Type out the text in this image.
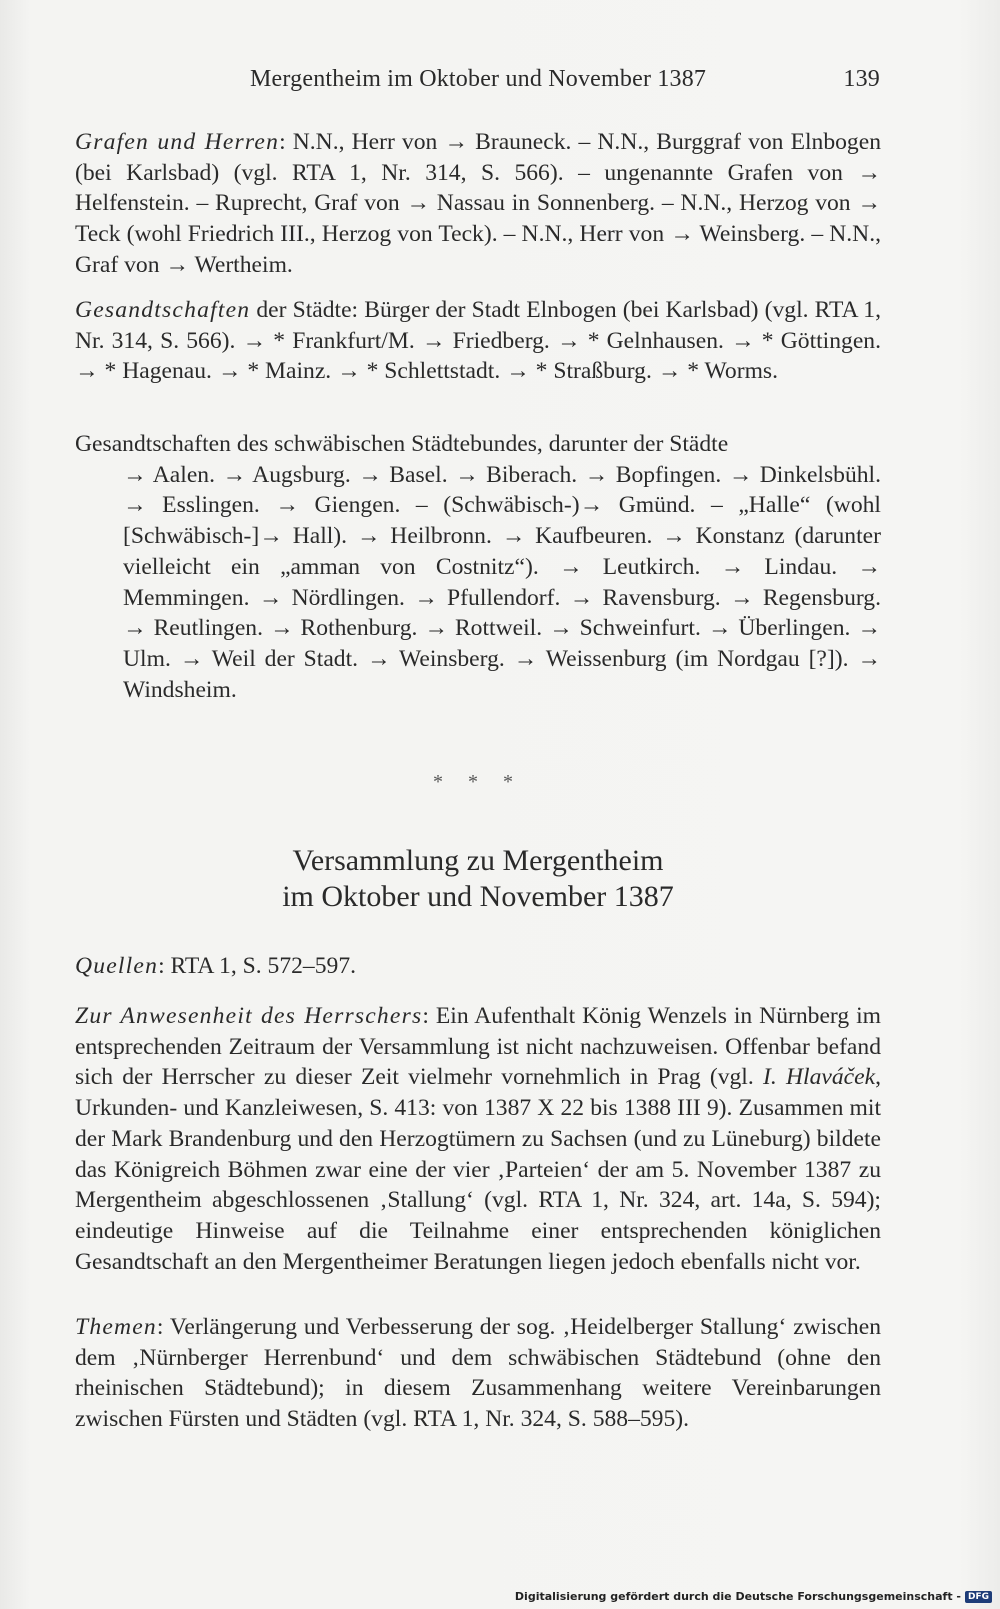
Mergentheim im Oktober und November 1387	139

Grafen und Herren: N.N., Herr von → Brauneck. – N.N., Burggraf von Elnbogen (bei Karlsbad) (vgl. RTA 1, Nr. 314, S. 566). – ungenannte Grafen von → Helfenstein. – Ruprecht, Graf von → Nassau in Sonnenberg. – N.N., Herzog von → Teck (wohl Friedrich III., Herzog von Teck). – N.N., Herr von → Weinsberg. – N.N., Graf von → Wertheim.

Gesandtschaften der Städte: Bürger der Stadt Elnbogen (bei Karlsbad) (vgl. RTA 1, Nr. 314, S. 566). → * Frankfurt/M. → Friedberg. → * Gelnhausen. → * Göttingen. → * Hagenau. → * Mainz. → * Schlettstadt. → * Straßburg. → * Worms.

Gesandtschaften des schwäbischen Städtebundes, darunter der Städte
→ Aalen. → Augsburg. → Basel. → Biberach. → Bopfingen. → Dinkelsbühl. → Esslingen. → Giengen. – (Schwäbisch-)→ Gmünd. – „Halle“ (wohl [Schwäbisch-]→ Hall). → Heilbronn. → Kaufbeuren. → Konstanz (darunter vielleicht ein „amman von Costnitz“). → Leutkirch. → Lindau. → Memmingen. → Nördlingen. → Pfullendorf. → Ravensburg. → Regensburg. → Reutlingen. → Rothenburg. → Rottweil. → Schweinfurt. → Überlingen. → Ulm. → Weil der Stadt. → Weinsberg. → Weissenburg (im Nordgau [?]). → Windsheim.
* * *
Versammlung zu Mergentheim
im Oktober und November 1387

Quellen: RTA 1, S. 572–597.

Zur Anwesenheit des Herrschers: Ein Aufenthalt König Wenzels in Nürnberg im entsprechenden Zeitraum der Versammlung ist nicht nachzuweisen. Offenbar befand sich der Herrscher zu dieser Zeit vielmehr vornehmlich in Prag (vgl. I. Hlaváček, Urkunden- und Kanzleiwesen, S. 413: von 1387 X 22 bis 1388 III 9). Zusammen mit der Mark Brandenburg und den Herzogtümern zu Sachsen (und zu Lüneburg) bildete das Königreich Böhmen zwar eine der vier ‚Parteien‘ der am 5. November 1387 zu Mergentheim abgeschlossenen ‚Stallung‘ (vgl. RTA 1, Nr. 324, art. 14a, S. 594); eindeutige Hinweise auf die Teilnahme einer entsprechenden königlichen Gesandtschaft an den Mergentheimer Beratungen liegen jedoch ebenfalls nicht vor.

Themen: Verlängerung und Verbesserung der sog. ‚Heidelberger Stallung‘ zwischen dem ‚Nürnberger Herrenbund‘ und dem schwäbischen Städtebund (ohne den rheinischen Städtebund); in diesem Zusammenhang weitere Vereinbarungen zwischen Fürsten und Städten (vgl. RTA 1, Nr. 324, S. 588–595).

Digitalisierung gefördert durch die Deutsche Forschungsgemeinschaft - DFG
